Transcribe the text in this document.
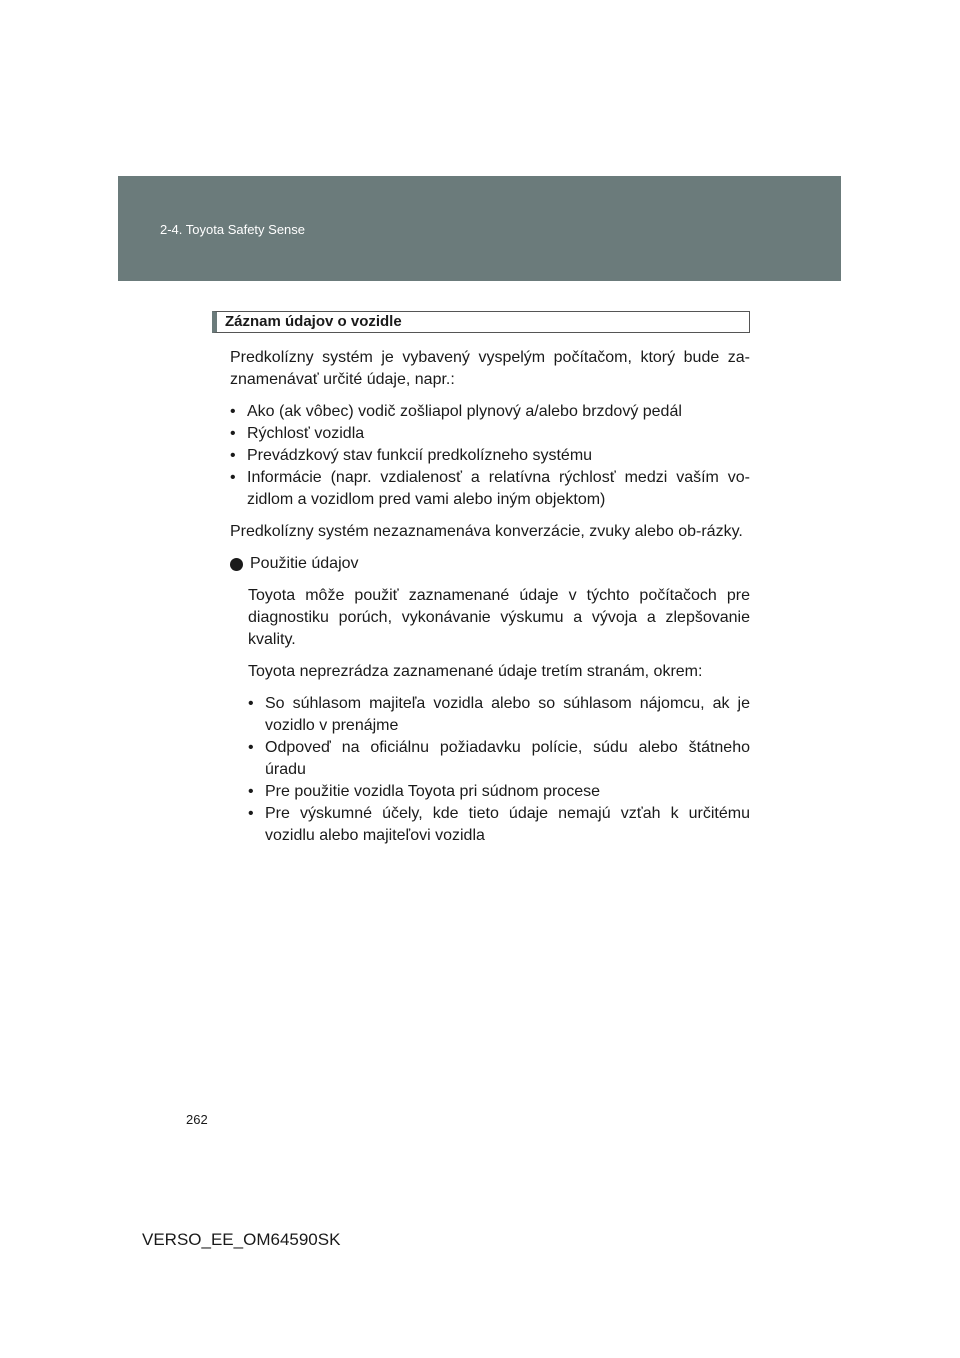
2-4. Toyota Safety Sense
Záznam údajov o vozidle

Predkolízny systém je vybavený vyspelým počítačom, ktorý bude za-znamenávať určité údaje, napr.:

• Ako (ak vôbec) vodič zošliapol plynový a/alebo brzdový pedál
• Rýchlosť vozidla
• Prevádzkový stav funkcií predkolízneho systému
• Informácie (napr. vzdialenosť a relatívna rýchlosť medzi vaším vo-zidlom a vozidlom pred vami alebo iným objektom)

Predkolízny systém nezaznamenáva konverzácie, zvuky alebo ob-rázky.

Použitie údajov

Toyota môže použiť zaznamenané údaje v týchto počítačoch pre diagnostiku porúch, vykonávanie výskumu a vývoja a zlepšovanie kvality.

Toyota neprezrádza zaznamenané údaje tretím stranám, okrem:

• So súhlasom majiteľa vozidla alebo so súhlasom nájomcu, ak je vozidlo v prenájme
• Odpoveď na oficiálnu požiadavku polície, súdu alebo štátneho úradu
• Pre použitie vozidla Toyota pri súdnom procese
• Pre výskumné účely, kde tieto údaje nemajú vzťah k určitému vozidlu alebo majiteľovi vozidla
262
VERSO_EE_OM64590SK
